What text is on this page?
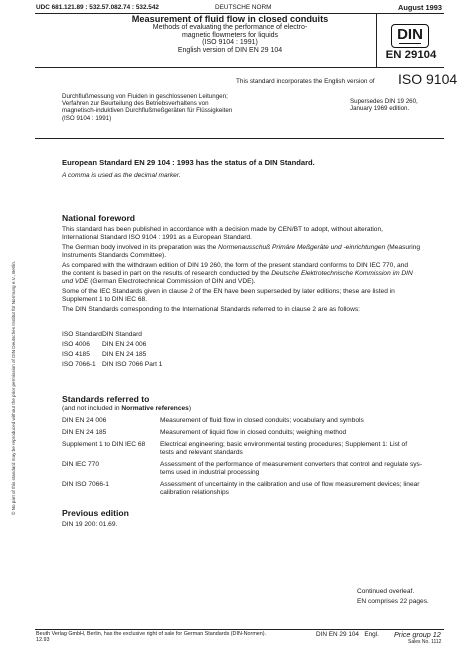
© No part of this standard may be reproduced without the prior permission of DIN Deutsches Institut für Normung e.V., Berlin.
UDC 681.121.89 : 532.57.082.74 : 532.542	DEUTSCHE NORM	August 1993
Measurement of fluid flow in closed conduits
Methods of evaluating the performance of electro-
magnetic flowmeters for liquids
(ISO 9104 : 1991)
English version of DIN EN 29 104
DIN
EN 29104
This standard incorporates the English version of ISO 9104
Durchflußmessung von Fluiden in geschlossenen Leitungen;
Verfahren zur Beurteilung des Betriebsverhaltens von
magnetisch-induktiven Durchflußmeßgeräten für Flüssigkeiten
(ISO 9104 : 1991)
Supersedes DIN 19 260,
January 1969 edition.
European Standard EN 29 104 : 1993 has the status of a DIN Standard.
A comma is used as the decimal marker.
National foreword
This standard has been published in accordance with a decision made by CEN/BT to adopt, without alteration,
International Standard ISO 9104 : 1991 as a European Standard.
The German body involved in its preparation was the Normenausschuß Primäre Meßgeräte und -einrichtungen (Measuring
Instruments Standards Committee).
As compared with the withdrawn edition of DIN 19 260, the form of the present standard conforms to DIN IEC 770, and
the content is based in part on the results of research conducted by the Deutsche Elektrotechnische Kommission im DIN
und VDE (German Electrotechnical Commission of DIN and VDE).
Some of the IEC Standards given in clause 2 of the EN have been superseded by later editions; these are listed in
Supplement 1 to DIN IEC 68.
The DIN Standards corresponding to the International Standards referred to in clause 2 are as follows:
ISO Standard	DIN Standard
ISO 4006	DIN EN 24 006
ISO 4185	DIN EN 24 185
ISO 7066-1	DIN ISO 7066 Part 1
Standards referred to
(and not included in Normative references)
DIN EN 24 006	Measurement of fluid flow in closed conduits; vocabulary and symbols

DIN EN 24 185	Measurement of liquid flow in closed conduits; weighing method

Supplement 1 to DIN IEC 68	Electrical engineering; basic environmental testing procedures; Supplement 1: List of
tests and relevant standards

DIN IEC 770	Assessment of the performance of measurement converters that control and regulate sys-
tems used in industrial processing

DIN ISO 7066-1	Assessment of uncertainty in the calibration and use of flow measurement devices; linear
calibration relationships
Previous edition
DIN 19 200: 01.69.
Continued overleaf.
EN comprises 22 pages.
Beuth Verlag GmbH, Berlin, has the exclusive right of sale for German Standards (DIN-Normen).
12.93
DIN EN 29 104 Engl. Price group 12
Sales No. 1112
